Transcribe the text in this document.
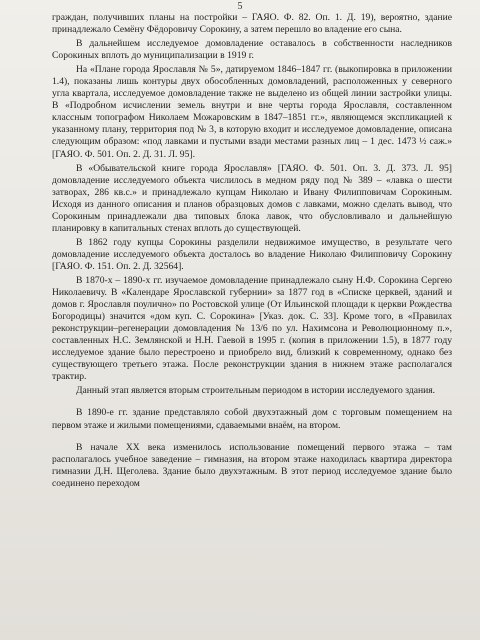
5

граждан, получивших планы на постройки – ГАЯО. Ф. 82. Оп. 1. Д. 19), вероятно, здание принадлежало Семёну Фёдоровичу Сорокину, а затем перешло во владение его сына.

В дальнейшем исследуемое домовладение оставалось в собственности наследников Сорокиных вплоть до муниципализации в 1919 г.

На «Плане города Ярославля № 5», датируемом 1846–1847 гг. (выкопировка в приложении 1.4), показаны лишь контуры двух обособленных домовладений, расположенных у северного угла квартала, исследуемое домовладение также не выделено из общей линии застройки улицы. В «Подробном исчислении земель внутри и вне черты города Ярославля, составленном классным топографом Николаем Можаровским в 1847–1851 гг.», являющемся экспликацией к указанному плану, территория под № 3, в которую входит и исследуемое домовладение, описана следующим образом: «под лавками и пустыми взади местами разных лиц – 1 дес. 1473 ½ саж.» [ГАЯО. Ф. 501. Оп. 2. Д. 31. Л. 95].

В «Обывательской книге города Ярославля» [ГАЯО. Ф. 501. Оп. 3. Д. 373. Л. 95] домовладение исследуемого объекта числилось в медном ряду под № 389 – «лавка о шести затворах, 286 кв.с.» и принадлежало купцам Николаю и Ивану Филипповичам Сорокиным. Исходя из данного описания и планов образцовых домов с лавками, можно сделать вывод, что Сорокиным принадлежали два типовых блока лавок, что обусловливало и дальнейшую планировку в капитальных стенах вплоть до существующей.

В 1862 году купцы Сорокины разделили недвижимое имущество, в результате чего домовладение исследуемого объекта досталось во владение Николаю Филипповичу Сорокину [ГАЯО. Ф. 151. Оп. 2. Д. 32564].

В 1870-х – 1890-х гг. изучаемое домовладение принадлежало сыну Н.Ф. Сорокина Сергею Николаевичу. В «Календаре Ярославской губернии» за 1877 год в «Списке церквей, зданий и домов г. Ярославля поулично» по Ростовской улице (От Ильинской площади к церкви Рождества Богородицы) значится «дом куп. С. Сорокина» [Указ. док. С. 33]. Кроме того, в «Правилах реконструкции–регенерации домовладения № 13/6 по ул. Нахимсона и Революционному п.», составленных Н.С. Землянской и Н.Н. Гаевой в 1995 г. (копия в приложении 1.5), в 1877 году исследуемое здание было перестроено и приобрело вид, близкий к современному, однако без существующего третьего этажа. После реконструкции здания в нижнем этаже располагался трактир.

Данный этап является вторым строительным периодом в истории исследуемого здания.

В 1890-е гг. здание представляло собой двухэтажный дом с торговым помещением на первом этаже и жилыми помещениями, сдаваемыми внаём, на втором.

В начале XX века изменилось использование помещений первого этажа – там располагалось учебное заведение – гимназия, на втором этаже находилась квартира директора гимназии Д.Н. Щеголева. Здание было двухэтажным. В этот период исследуемое здание было соединено переходом
